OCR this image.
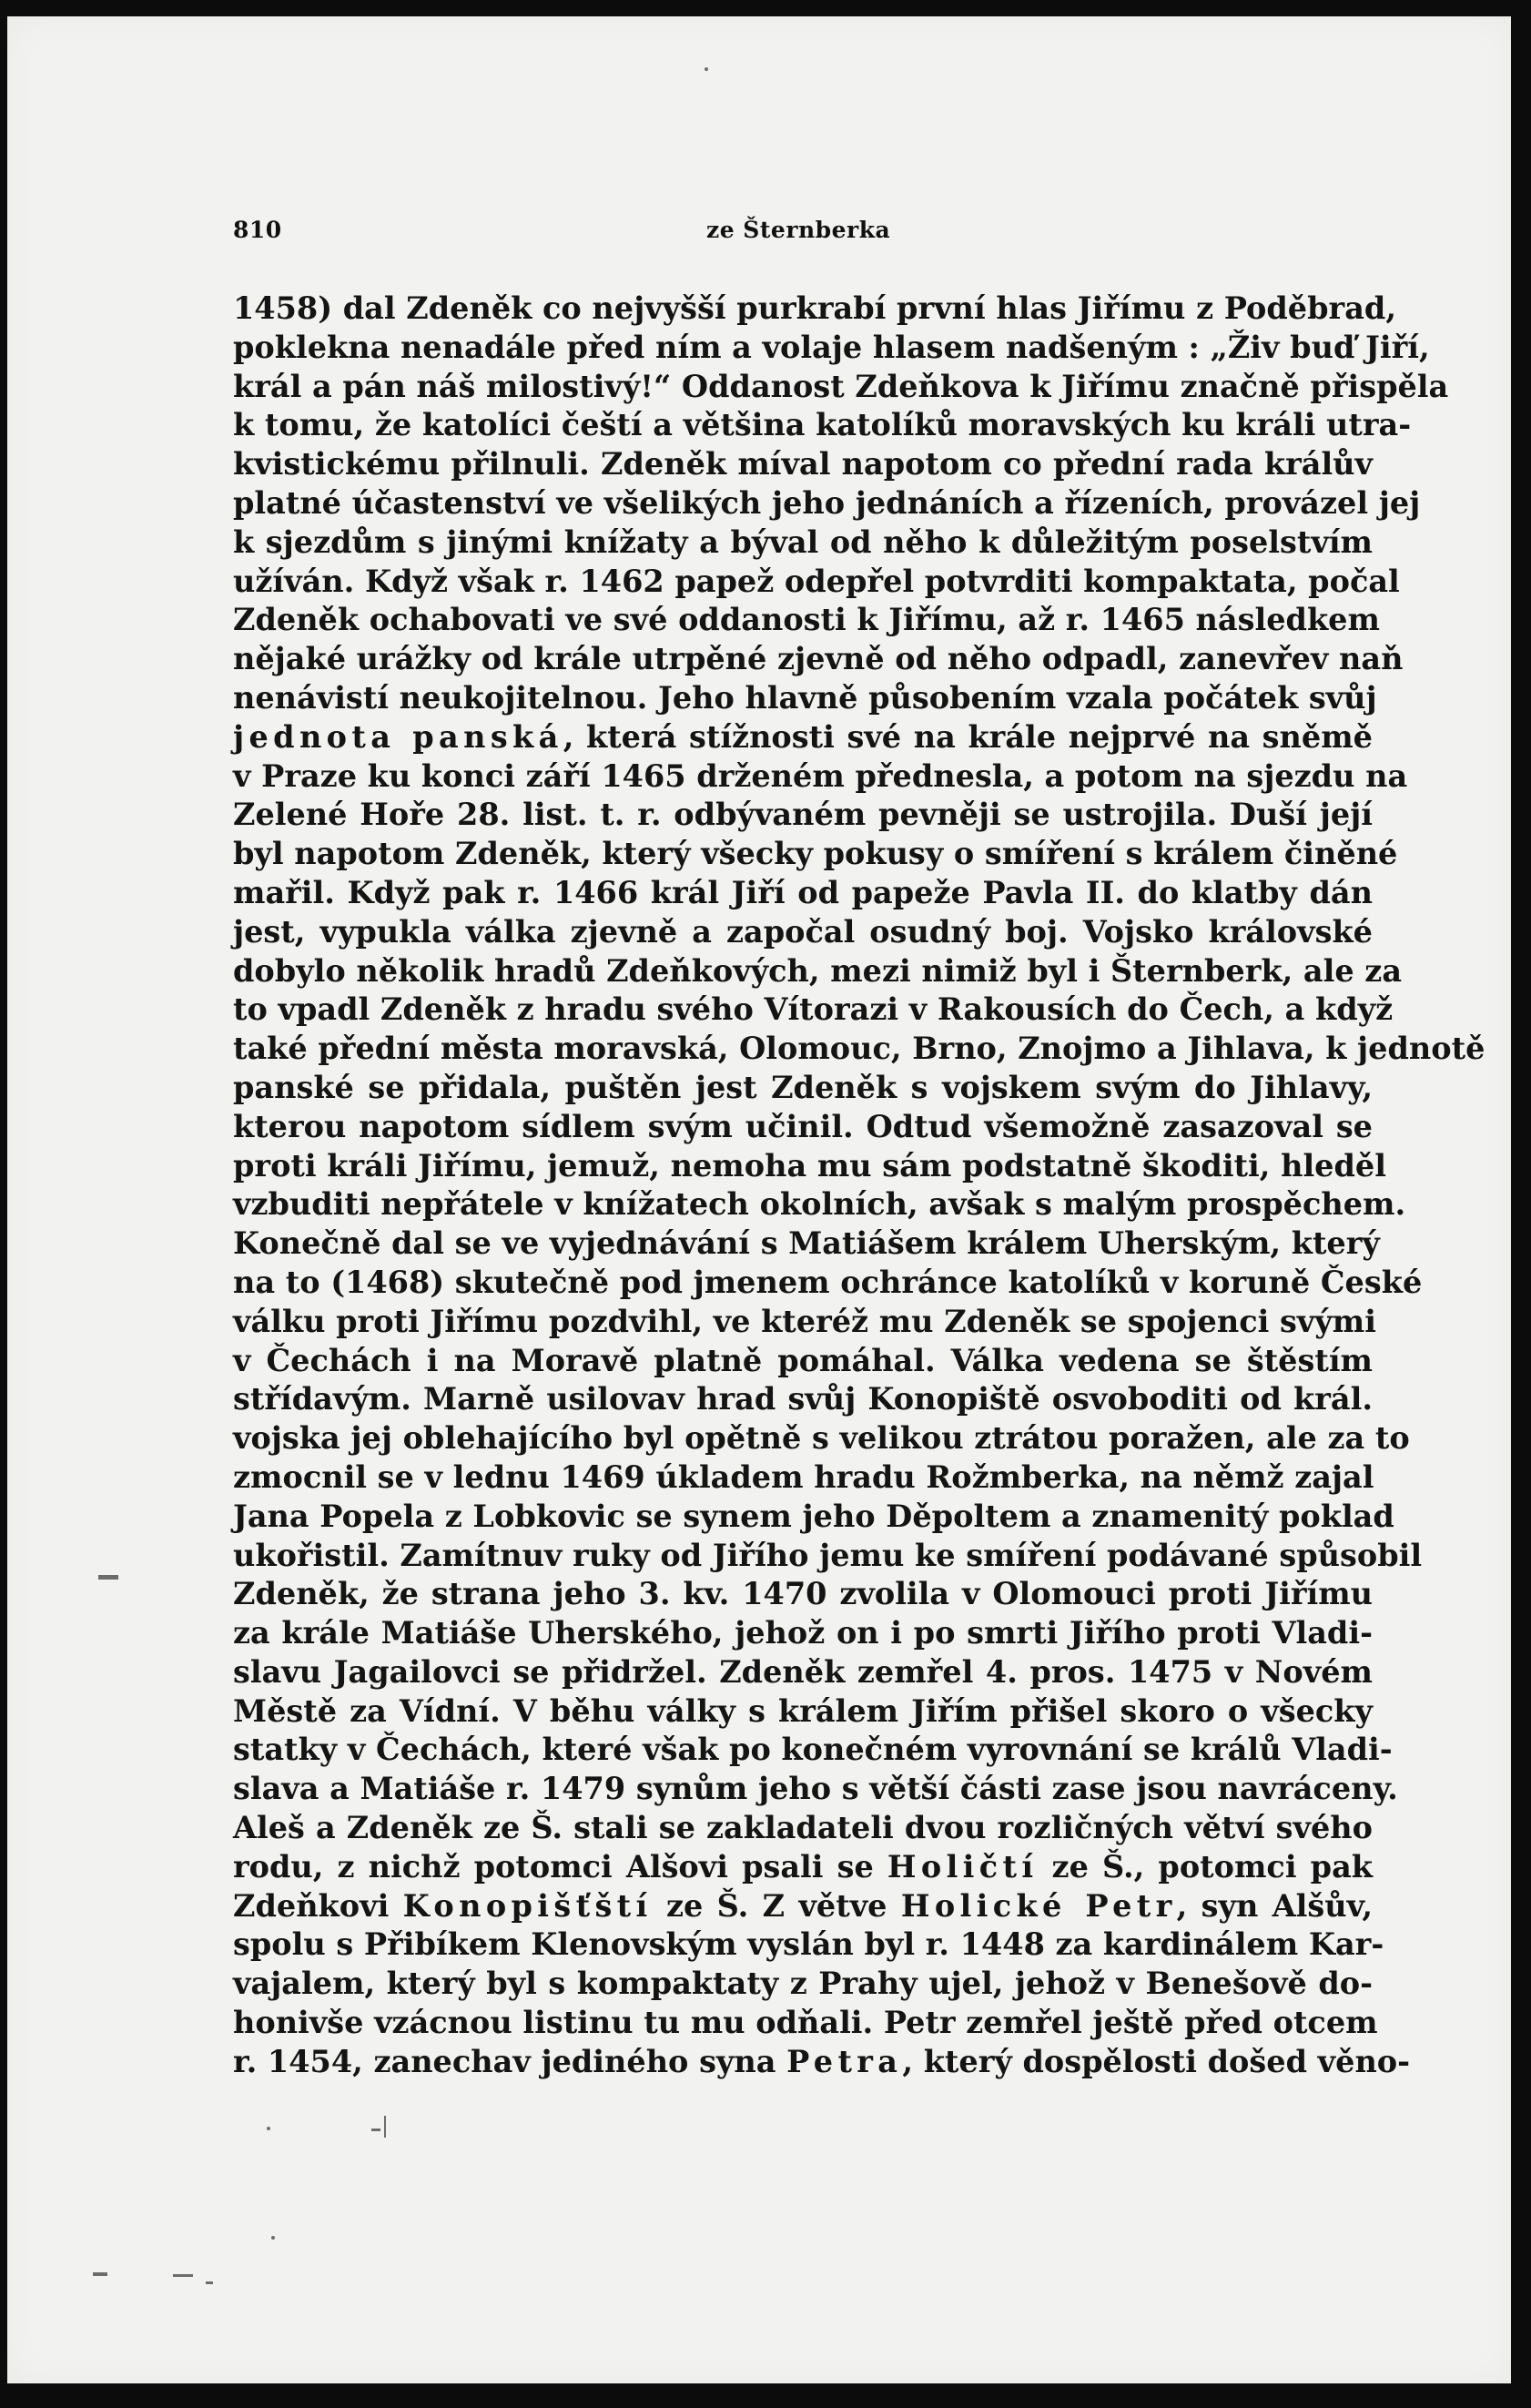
810	ze Šternberka
1458) dal Zdeněk co nejvyšší purkrabí první hlas Jiřímu z Poděbrad,
poklekna nenadále před ním a volaje hlasem nadšeným : „Živ buď Jiří,
král a pán náš milostivý!“ Oddanost Zdeňkova k Jiřímu značně přispěla
k tomu, že katolíci čeští a většina katolíků moravských ku králi utra-
kvistickému přilnuli. Zdeněk míval napotom co přední rada králův
platné účastenství ve všelikých jeho jednáních a řízeních, provázel jej
k sjezdům s jinými knížaty a býval od něho k důležitým poselstvím
užíván. Když však r. 1462 papež odepřel potvrditi kompaktata, počal
Zdeněk ochabovati ve své oddanosti k Jiřímu, až r. 1465 následkem
nějaké urážky od krále utrpěné zjevně od něho odpadl, zanevřev naň
nenávistí neukojitelnou. Jeho hlavně působením vzala počátek svůj
jednota panská, která stížnosti své na krále nejprvé na sněmě
v Praze ku konci září 1465 drženém přednesla, a potom na sjezdu na
Zelené Hoře 28. list. t. r. odbývaném pevněji se ustrojila. Duší její
byl napotom Zdeněk, který všecky pokusy o smíření s králem činěné
mařil. Když pak r. 1466 král Jiří od papeže Pavla II. do klatby dán
jest, vypukla válka zjevně a započal osudný boj. Vojsko královské
dobylo několik hradů Zdeňkových, mezi nimiž byl i Šternberk, ale za
to vpadl Zdeněk z hradu svého Vítorazi v Rakousích do Čech, a když
také přední města moravská, Olomouc, Brno, Znojmo a Jihlava, k jednotě
panské se přidala, puštěn jest Zdeněk s vojskem svým do Jihlavy,
kterou napotom sídlem svým učinil. Odtud všemožně zasazoval se
proti králi Jiřímu, jemuž, nemoha mu sám podstatně škoditi, hleděl
vzbuditi nepřátele v knížatech okolních, avšak s malým prospěchem.
Konečně dal se ve vyjednávání s Matiášem králem Uherským, který
na to (1468) skutečně pod jmenem ochránce katolíků v koruně České
válku proti Jiřímu pozdvihl, ve kteréž mu Zdeněk se spojenci svými
v Čechách i na Moravě platně pomáhal. Válka vedena se štěstím
střídavým. Marně usilovav hrad svůj Konopiště osvoboditi od král.
vojska jej oblehajícího byl opětně s velikou ztrátou poražen, ale za to
zmocnil se v lednu 1469 úkladem hradu Rožmberka, na němž zajal
Jana Popela z Lobkovic se synem jeho Děpoltem a znamenitý poklad
ukořistil. Zamítnuv ruky od Jiřího jemu ke smíření podávané spůsobil
Zdeněk, že strana jeho 3. kv. 1470 zvolila v Olomouci proti Jiřímu
za krále Matiáše Uherského, jehož on i po smrti Jiřího proti Vladi-
slavu Jagailovci se přidržel. Zdeněk zemřel 4. pros. 1475 v Novém
Městě za Vídní. V běhu války s králem Jiřím přišel skoro o všecky
statky v Čechách, které však po konečném vyrovnání se králů Vladi-
slava a Matiáše r. 1479 synům jeho s větší části zase jsou navráceny.
Aleš a Zdeněk ze Š. stali se zakladateli dvou rozličných větví svého
rodu, z nichž potomci Alšovi psali se Holičtí ze Š., potomci pak
Zdeňkovi Konopišťští ze Š. Z větve Holické Petr, syn Alšův,
spolu s Přibíkem Klenovským vyslán byl r. 1448 za kardinálem Kar-
vajalem, který byl s kompaktaty z Prahy ujel, jehož v Benešově do-
honivše vzácnou listinu tu mu odňali. Petr zemřel ještě před otcem
r. 1454, zanechav jediného syna Petra, který dospělosti došed věno-
